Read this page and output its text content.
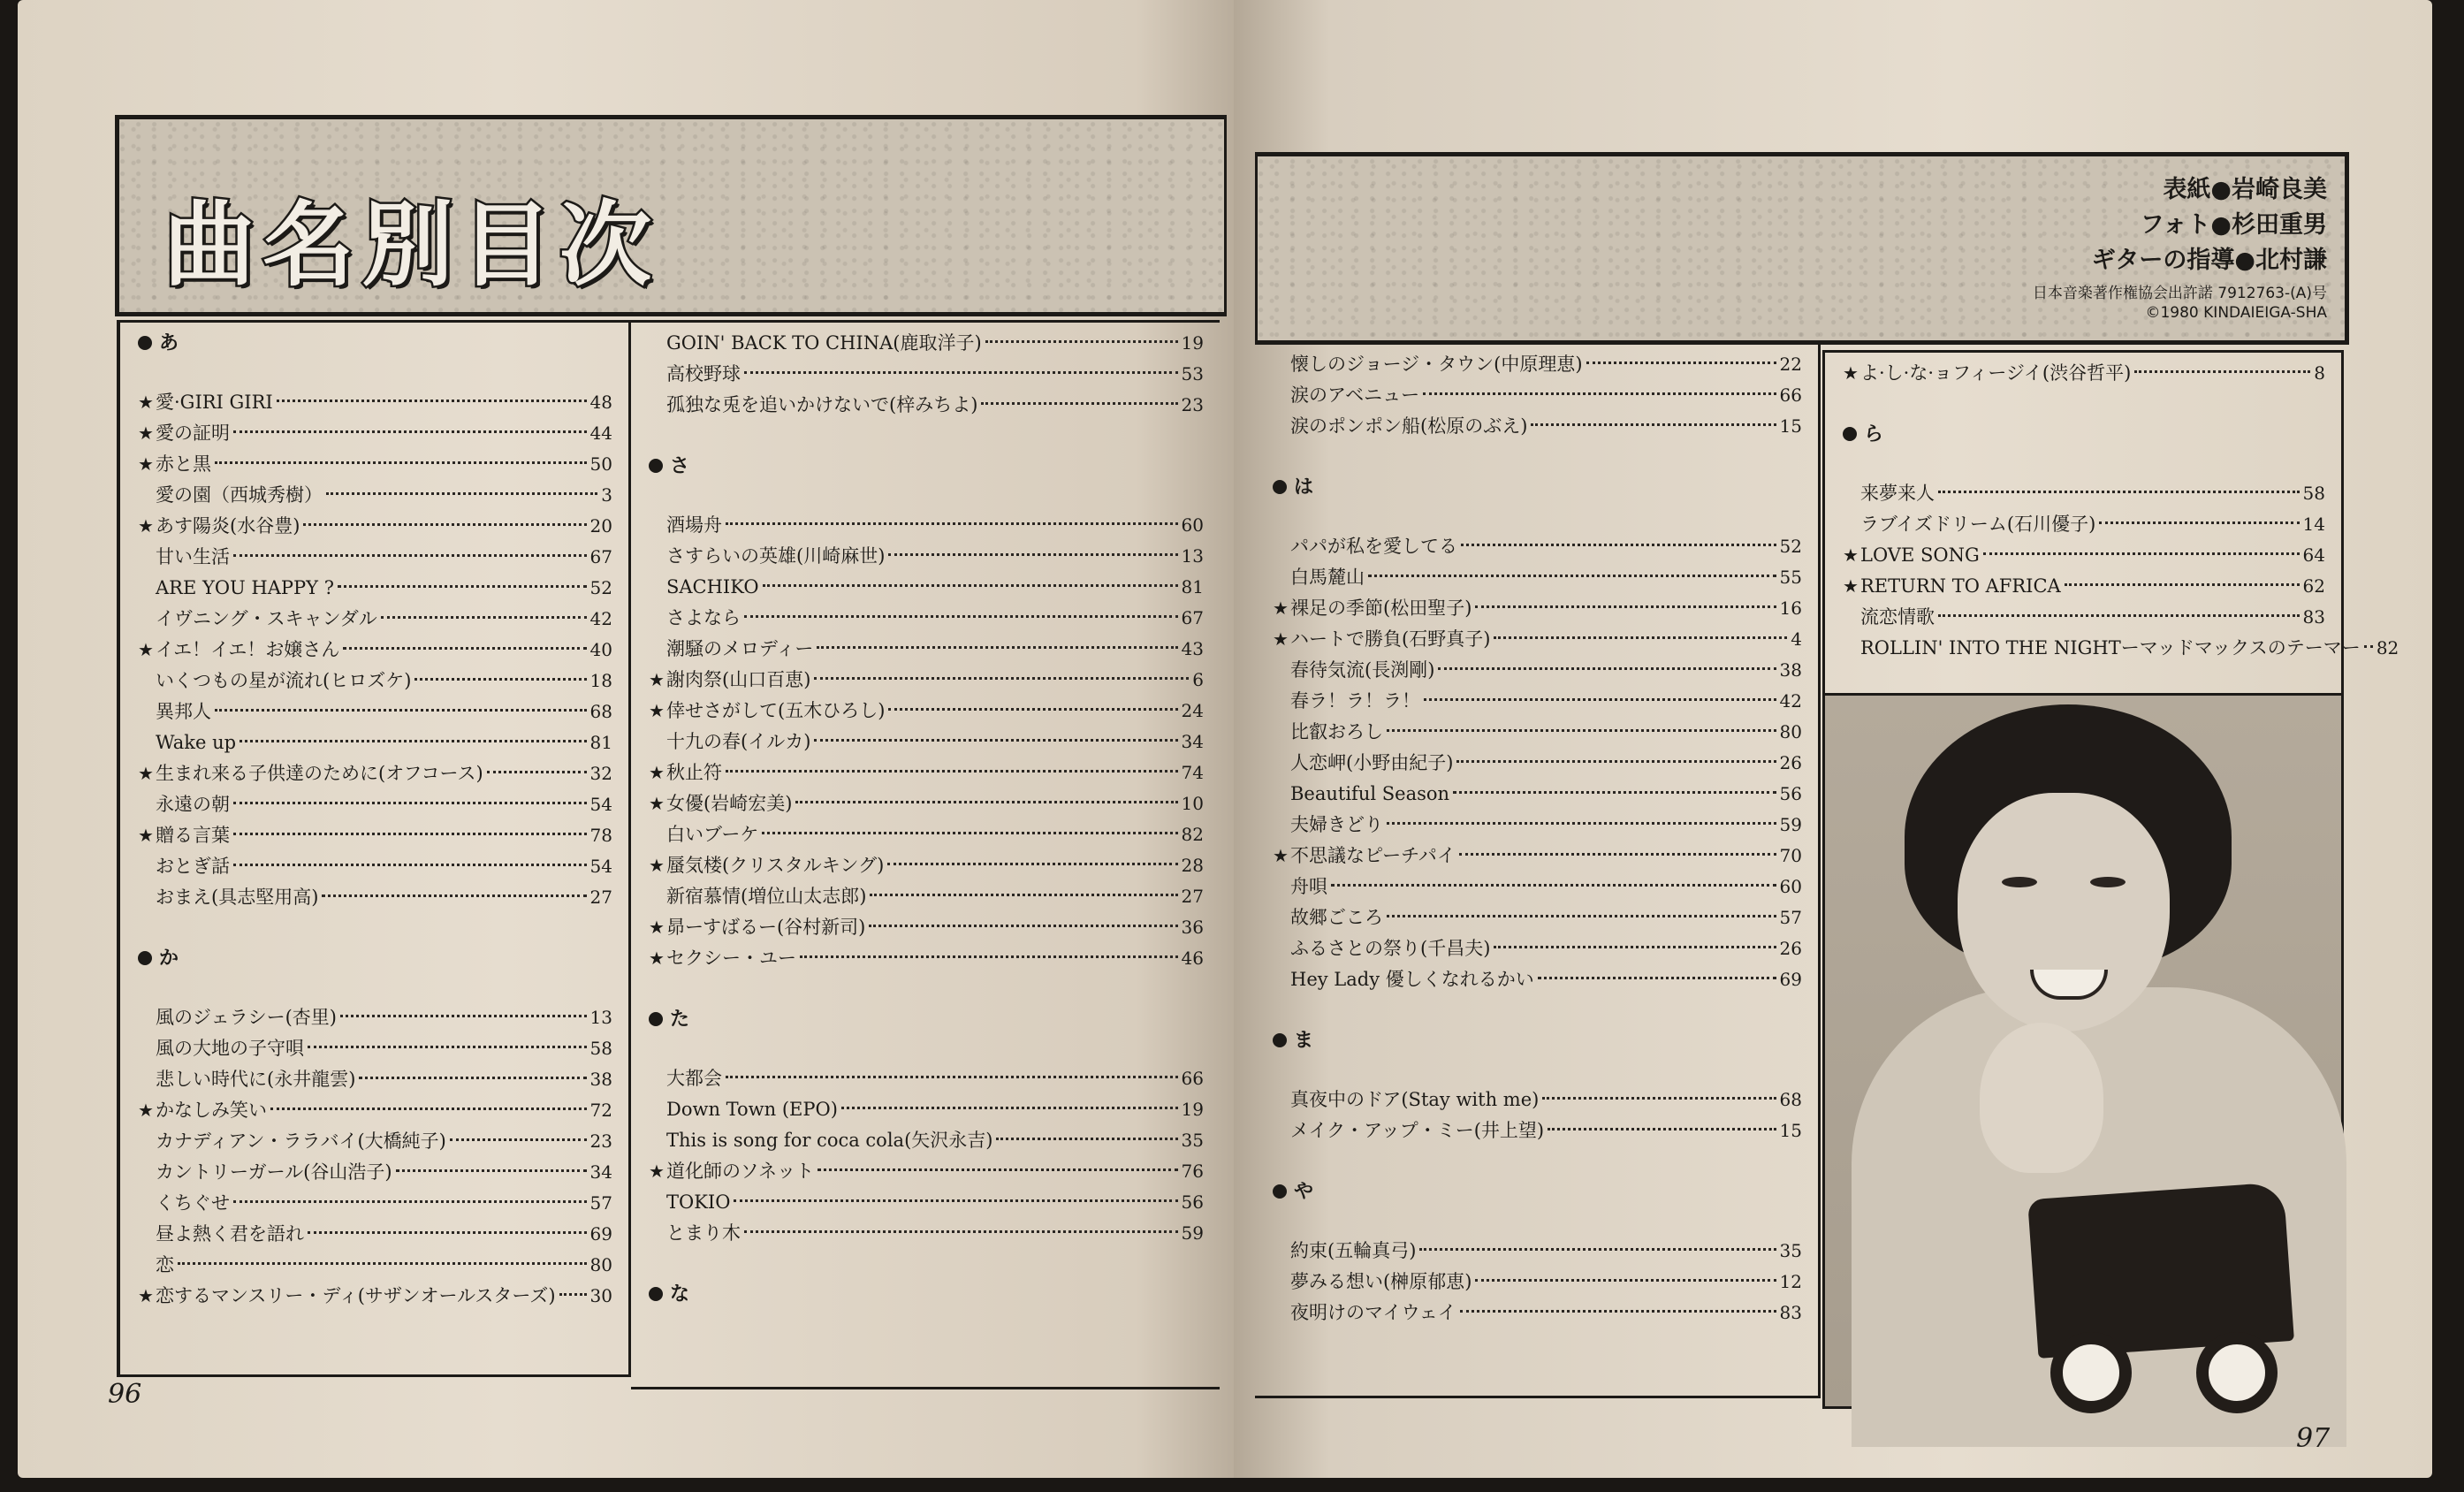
曲名別目次
表紙●岩崎良美
フォト●杉田重男
ギターの指導●北村謙
日本音楽著作権協会出許諾 7912763-(A)号
©1980 KINDAIEIGA-SHA
あ
★ 愛·GIRI GIRI	48
★ 愛の証明	44
★ 赤と黒	50
愛の園（西城秀樹）	3
★ あす陽炎(水谷豊)	20
甘い生活	67
ARE YOU HAPPY ?	52
イヴニング・スキャンダル	42
★ イエ！イエ！お嬢さん	40
いくつもの星が流れ(ヒロズケ)	18
異邦人	68
Wake up	81
★ 生まれ来る子供達のために(オフコース)	32
永遠の朝	54
★ 贈る言葉	78
おとぎ話	54
おまえ(具志堅用高)	27
か
風のジェラシー(杏里)	13
風の大地の子守唄	58
悲しい時代に(永井龍雲)	38
★ かなしみ笑い	72
カナディアン・ララバイ(大橋純子)	23
カントリーガール(谷山浩子)	34
くちぐせ	57
昼よ熱く君を語れ	69
恋	80
★ 恋するマンスリー・ディ(サザンオールスターズ) 30
GOIN' BACK TO CHINA(鹿取洋子)	19
高校野球	53
孤独な兎を追いかけないで(梓みちよ)	23
さ
酒場舟	60
さすらいの英雄(川崎麻世)	13
SACHIKO	81
さよなら	67
潮騒のメロディー	43
★ 謝肉祭(山口百恵)	6
★ 倖せさがして(五木ひろし)	24
十九の春(イルカ)	34
★ 秋止符	74
★ 女優(岩崎宏美)	10
白いブーケ	82
★ 蜃気楼(クリスタルキング)	28
新宿慕情(増位山太志郎)	27
★ 昴ーすばるー(谷村新司)	36
★ セクシー・ユー	46
た
大都会	66
Down Town (EPO)	19
This is song for coca cola(矢沢永吉)	35
★ 道化師のソネット	76
TOKIO	56
とまり木	59
な
懐しのジョージ・タウン(中原理恵)	22
涙のアベニュー	66
涙のポンポン船(松原のぶえ)	15
は
パパが私を愛してる	52
白馬麓山	55
★ 裸足の季節(松田聖子)	16
★ ハートで勝負(石野真子)	4
春待気流(長渕剛)	38
春ラ！ラ！ラ！	42
比叡おろし	80
人恋岬(小野由紀子)	26
Beautiful Season	56
夫婦きどり	59
★ 不思議なピーチパイ	70
舟唄	60
故郷ごころ	57
ふるさとの祭り(千昌夫)	26
Hey Lady 優しくなれるかい	69
ま
真夜中のドア(Stay with me)	68
メイク・アップ・ミー(井上望)	15
や
約束(五輪真弓)	35
夢みる想い(榊原郁恵)	12
夜明けのマイウェイ	83
★ よ·し·な·ョフィージイ(渋谷哲平)	8
ら
来夢来人	58
ラブイズドリーム(石川優子)	14
★ LOVE SONG	64
★ RETURN TO AFRICA	62
流恋情歌	83
ROLLIN' INTO THE NIGHTーマッドマックスのテーマー 82
96
97
